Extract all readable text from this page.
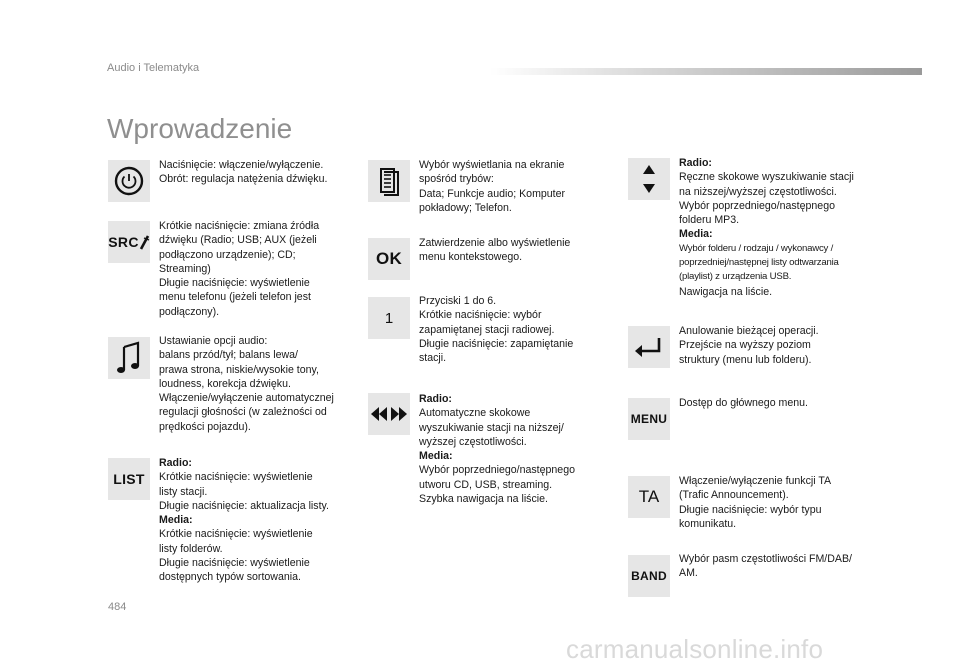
Audio i Telematyka
Wprowadzenie

Naciśnięcie: włączenie/wyłączenie.

Obrót: regulacja natężenia dźwięku.

SRC

Krótkie naciśnięcie: zmiana źródła

dźwięku (Radio; USB; AUX (jeżeli

podłączono urządzenie); CD;

Streaming)

Długie naciśnięcie: wyświetlenie

menu telefonu (jeżeli telefon jest

podłączony).

Ustawianie opcji audio:

balans przód/tył; balans lewa/

prawa strona, niskie/wysokie tony,

loudness, korekcja dźwięku.

Włączenie/wyłączenie automatycznej

regulacji głośności (w zależności od

prędkości pojazdu).

LIST

Radio:

Krótkie naciśnięcie: wyświetlenie

listy stacji.

Długie naciśnięcie: aktualizacja listy.

Media:

Krótkie naciśnięcie: wyświetlenie

listy folderów.

Długie naciśnięcie: wyświetlenie

dostępnych typów sortowania.

Wybór wyświetlania na ekranie

spośród trybów:

Data; Funkcje audio; Komputer

pokładowy; Telefon.

OK

Zatwierdzenie albo wyświetlenie

menu kontekstowego.

1

Przyciski 1 do 6.

Krótkie naciśnięcie: wybór

zapamiętanej stacji radiowej.

Długie naciśnięcie: zapamiętanie

stacji.

Radio:

Automatyczne skokowe

wyszukiwanie stacji na niższej/

wyższej częstotliwości.

Media:

Wybór poprzedniego/następnego

utworu CD, USB, streaming.

Szybka nawigacja na liście.

Radio:

Ręczne skokowe wyszukiwanie stacji

na niższej/wyższej częstotliwości.

Wybór poprzedniego/następnego

folderu MP3.

Media:

Wybór folderu / rodzaju / wykonawcy /

poprzedniej/następnej listy odtwarzania

(playlist) z urządzenia USB.

Nawigacja na liście.

Anulowanie bieżącej operacji.

Przejście na wyższy poziom

struktury (menu lub folderu).

MENU

Dostęp do głównego menu.

TA

Włączenie/wyłączenie funkcji TA

(Trafic Announcement).

Długie naciśnięcie: wybór typu

komunikatu.

BAND

Wybór pasm częstotliwości FM/DAB/

AM.

484
carmanualsonline.info
